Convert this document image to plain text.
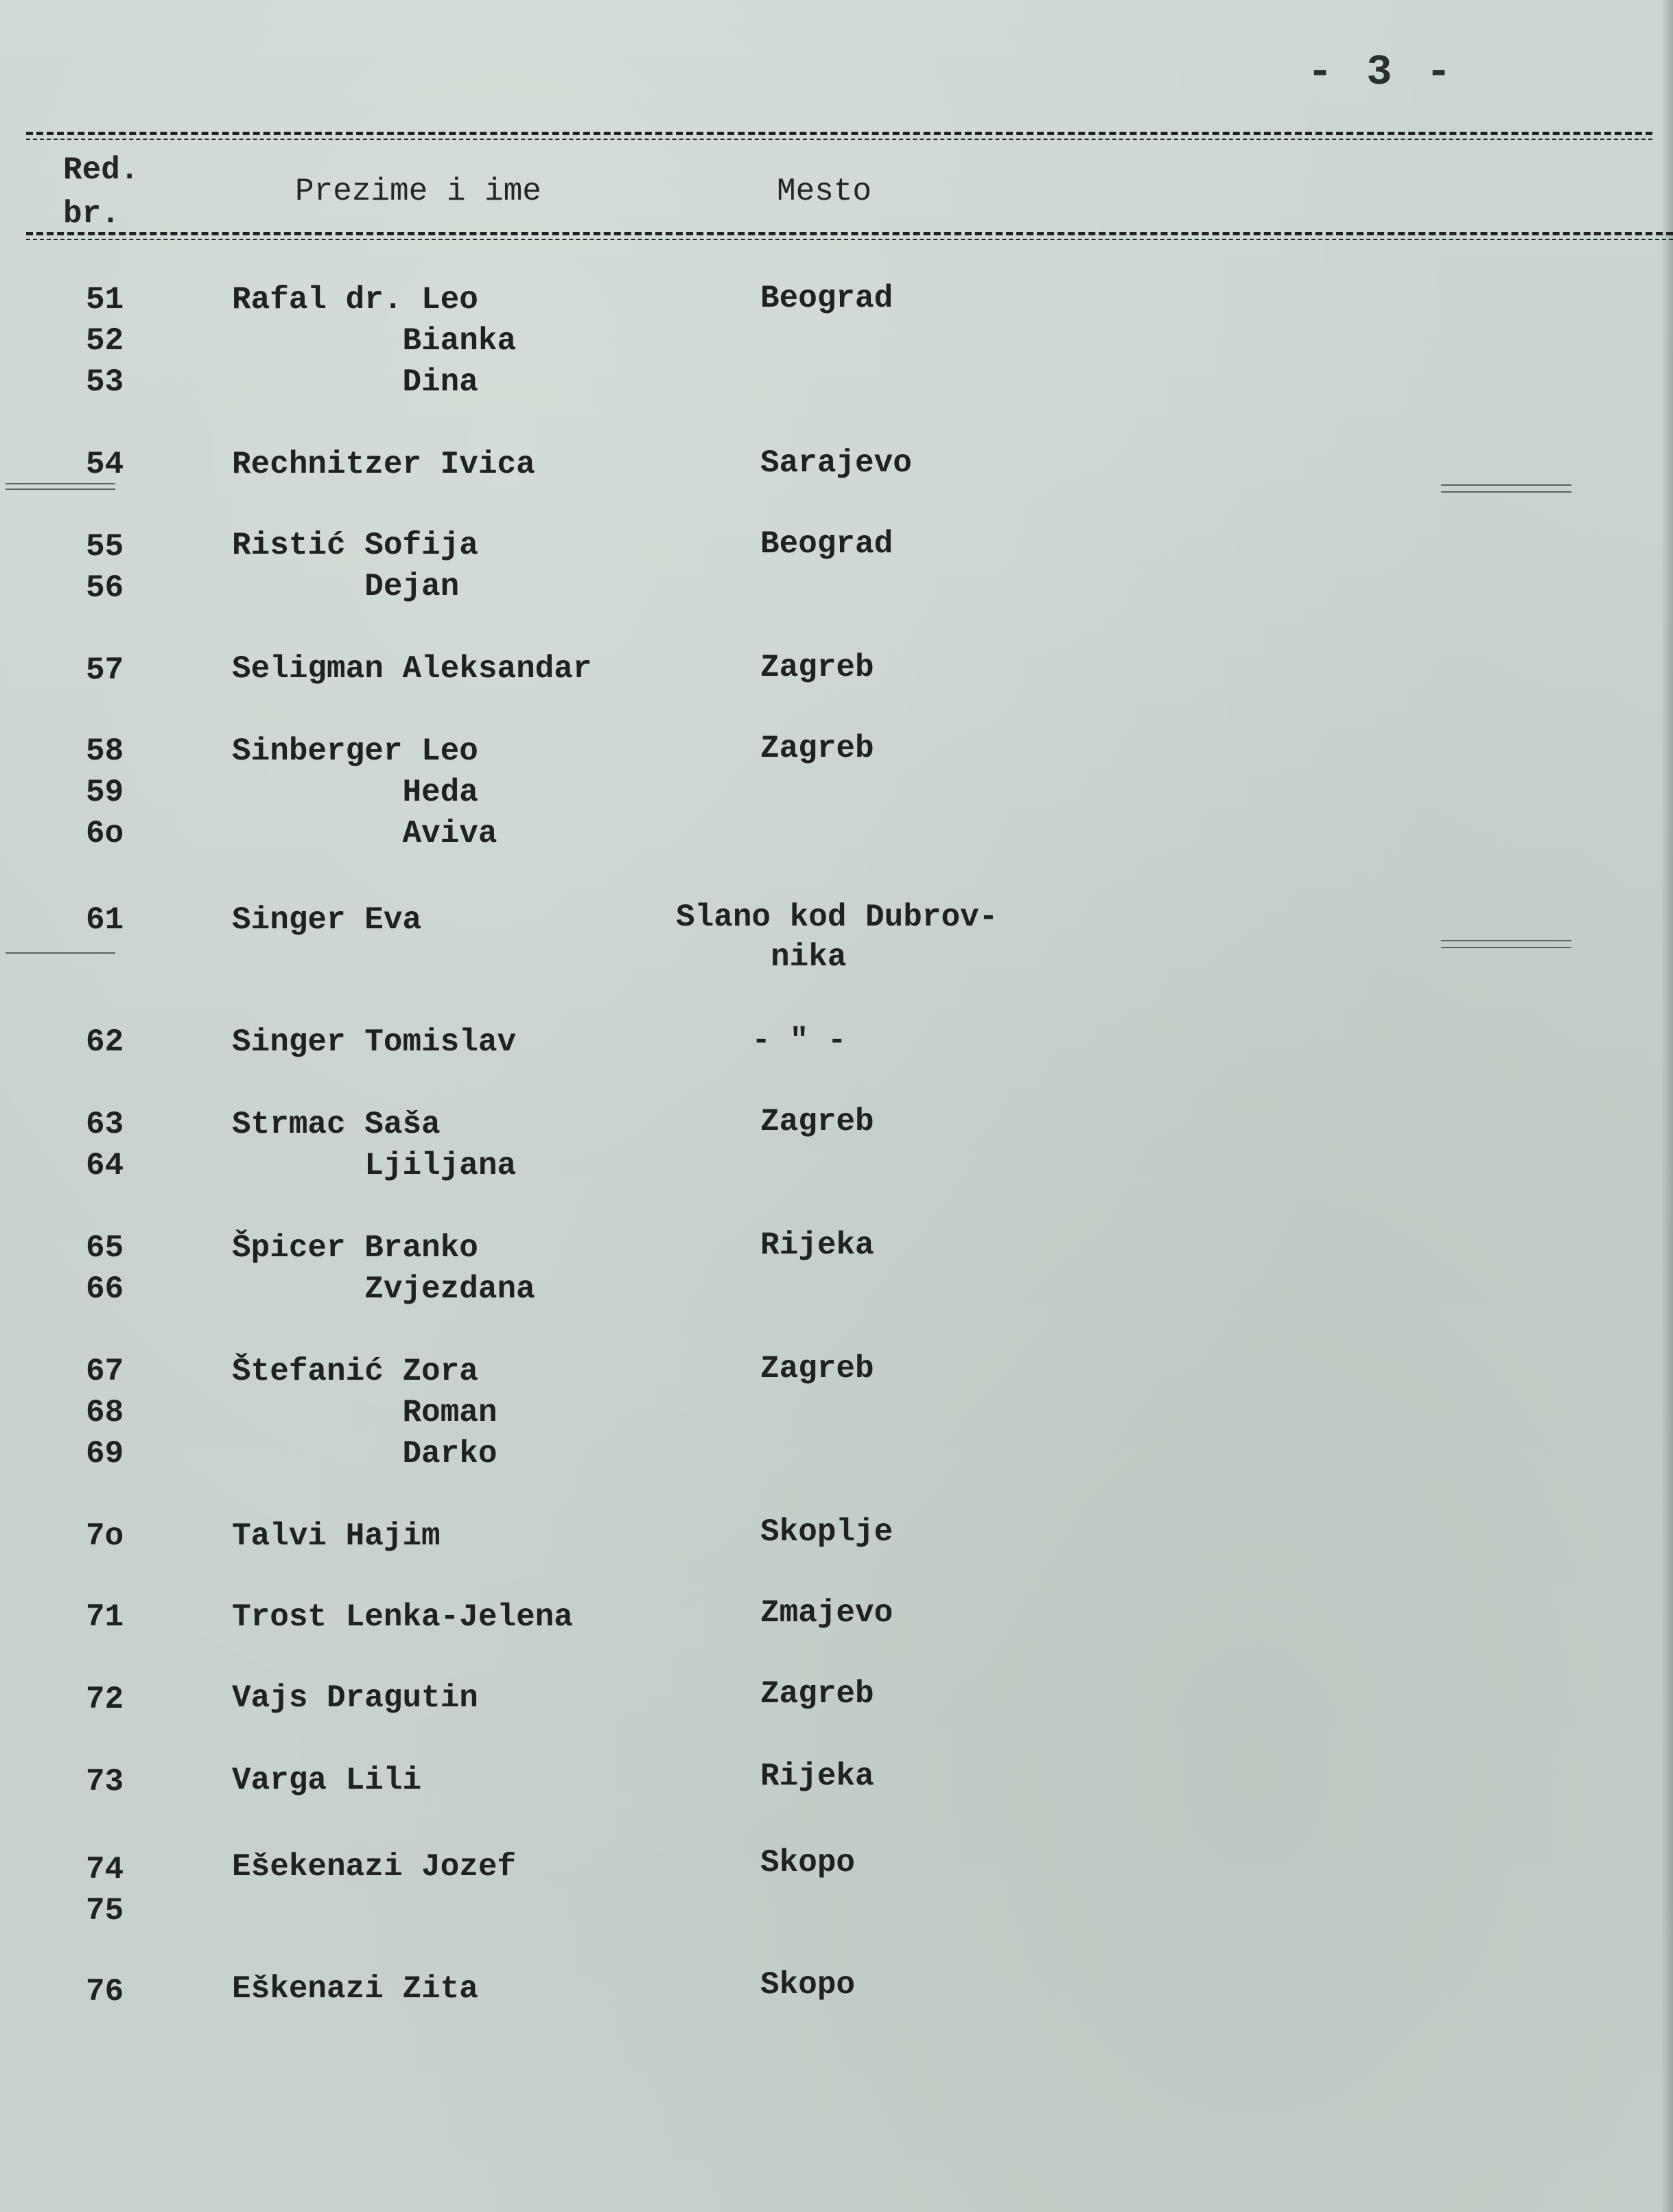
- 3 -
Red.
br.
Prezime i ime	Mesto
51	Rafal dr. Leo	Beograd
52	Bianka
53	Dina
54	Rechnitzer Ivica	Sarajevo
55	Ristić Sofija	Beograd
56	Dejan
57	Seligman Aleksandar	Zagreb
58	Sinberger Leo	Zagreb
59	Heda
6o	Aviva
61	Singer Eva	Slano kod Dubrov-
nika
62	Singer Tomislav	- " -
63	Strmac Saša	Zagreb
64	Ljiljana
65	Špicer Branko	Rijeka
66	Zvjezdana
67	Štefanić Zora	Zagreb
68	Roman
69	Darko
7o	Talvi Hajim	Skoplje
71	Trost Lenka-Jelena	Zmajevo
72	Vajs Dragutin	Zagreb
73	Varga Lili	Rijeka
74	Ešekenazi Jozef	Skopo
75
76	Eškenazi Zita	Skopo
